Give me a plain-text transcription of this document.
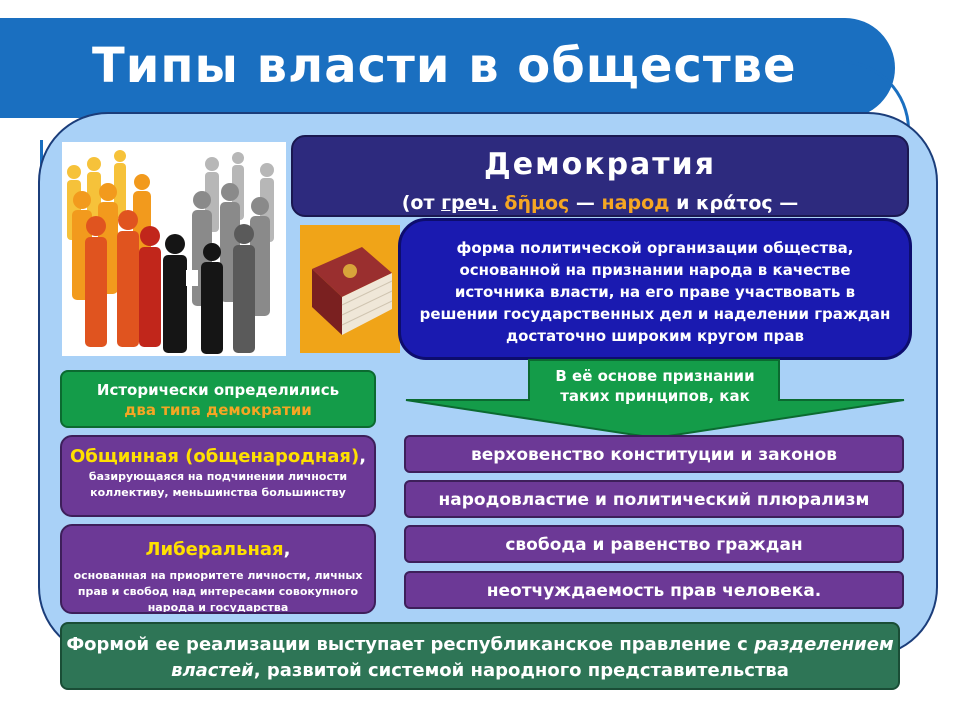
Типы власти в обществе
Демократия
(от греч. δῆμος — народ и κράτος —
форма политической организации общества, основанной на признании народа в качестве источника власти, на его праве участвовать в решении государственных дел и наделении граждан достаточно широким кругом прав
В её основе признании таких принципов, как
Исторически определились
два типа демократии
Общинная (общенародная),
базирующаяся на подчинении личности коллективу, меньшинства большинству
Либеральная,
основанная на приоритете личности, личных прав и свобод над интересами совокупного народа и государства
верховенство конституции и законов
народовластие и политический плюрализм
свобода и равенство граждан
неотчуждаемость прав человека.
Формой ее реализации выступает республиканское правление с разделением властей, развитой системой народного представительства
